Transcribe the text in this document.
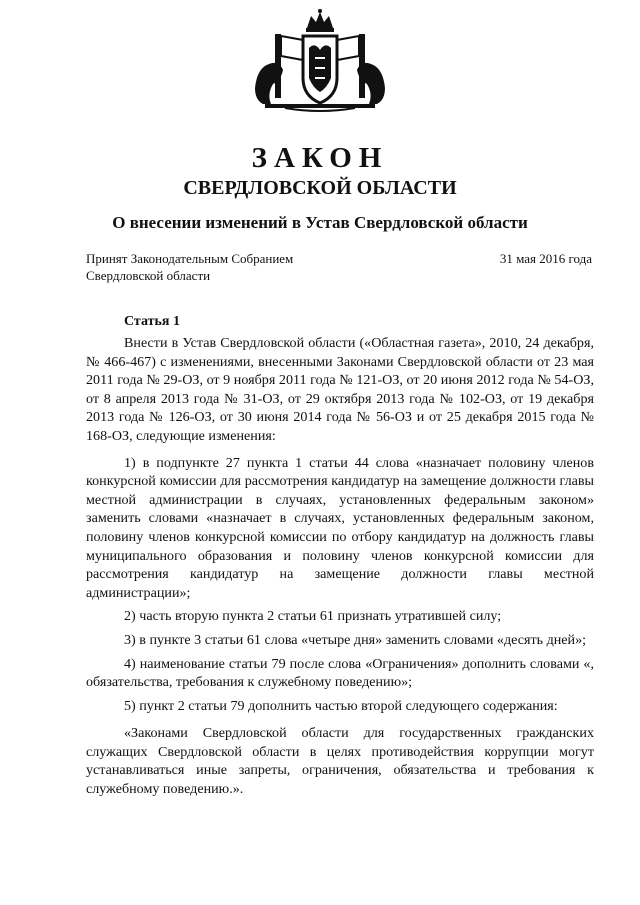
ЗАКОН
СВЕРДЛОВСКОЙ ОБЛАСТИ
О внесении изменений в Устав Свердловской области
Принят Законодательным Собранием
Свердловской области
31 мая 2016 года
Статья 1

Внести в Устав Свердловской области («Областная газета», 2010, 24 декабря, № 466-467) с изменениями, внесенными Законами Свердловской области от 23 мая 2011 года № 29-ОЗ, от 9 ноября 2011 года № 121-ОЗ, от 20 июня 2012 года № 54-ОЗ, от 8 апреля 2013 года № 31-ОЗ, от 29 октября 2013 года № 102-ОЗ, от 19 декабря 2013 года № 126-ОЗ, от 30 июня 2014 года № 56-ОЗ и от 25 декабря 2015 года № 168-ОЗ, следующие изменения:

1) в подпункте 27 пункта 1 статьи 44 слова «назначает половину членов конкурсной комиссии для рассмотрения кандидатур на замещение должности главы местной администрации в случаях, установленных федеральным законом» заменить словами «назначает в случаях, установленных федеральным законом, половину членов конкурсной комиссии по отбору кандидатур на должность главы муниципального образования и половину членов конкурсной комиссии для рассмотрения кандидатур на замещение должности главы местной администрации»;

2) часть вторую пункта 2 статьи 61 признать утратившей силу;

3) в пункте 3 статьи 61 слова «четыре дня» заменить словами «десять дней»;

4) наименование статьи 79 после слова «Ограничения» дополнить словами «, обязательства, требования к служебному поведению»;

5) пункт 2 статьи 79 дополнить частью второй следующего содержания:

«Законами Свердловской области для государственных гражданских служащих Свердловской области в целях противодействия коррупции могут устанавливаться иные запреты, ограничения, обязательства и требования к служебному поведению.».
